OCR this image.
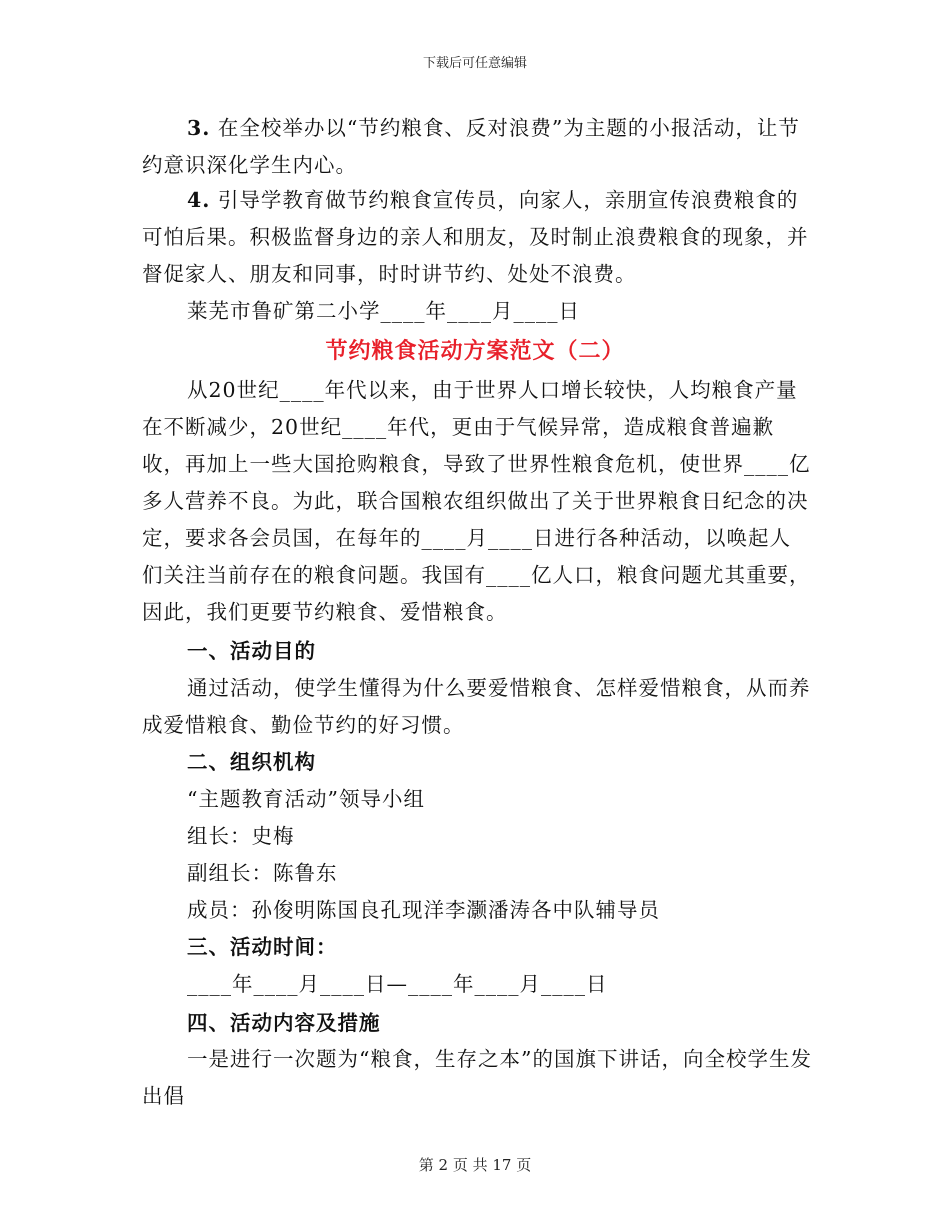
下载后可任意编辑

3. 在全校举办以“节约粮食、反对浪费”为主题的小报活动，让节约意识深化学生内心。

4. 引导学教育做节约粮食宣传员，向家人，亲朋宣传浪费粮食的可怕后果。积极监督身边的亲人和朋友，及时制止浪费粮食的现象，并督促家人、朋友和同事，时时讲节约、处处不浪费。

莱芜市鲁矿第二小学____年____月____日

节约粮食活动方案范文（二）

从20世纪____年代以来，由于世界人口增长较快，人均粮食产量在不断减少，20世纪____年代，更由于气候异常，造成粮食普遍歉收，再加上一些大国抢购粮食，导致了世界性粮食危机，使世界____亿多人营养不良。为此，联合国粮农组织做出了关于世界粮食日纪念的决定，要求各会员国，在每年的____月____日进行各种活动，以唤起人们关注当前存在的粮食问题。我国有____亿人口，粮食问题尤其重要，因此，我们更要节约粮食、爱惜粮食。

一、活动目的

通过活动，使学生懂得为什么要爱惜粮食、怎样爱惜粮食，从而养成爱惜粮食、勤俭节约的好习惯。

二、组织机构

“主题教育活动”领导小组

组长：史梅

副组长：陈鲁东

成员：孙俊明陈国良孔现洋李灏潘涛各中队辅导员

三、活动时间：

____年____月____日—____年____月____日

四、活动内容及措施

一是进行一次题为“粮食，生存之本”的国旗下讲话，向全校学生发出倡

第 2 页 共 17 页
